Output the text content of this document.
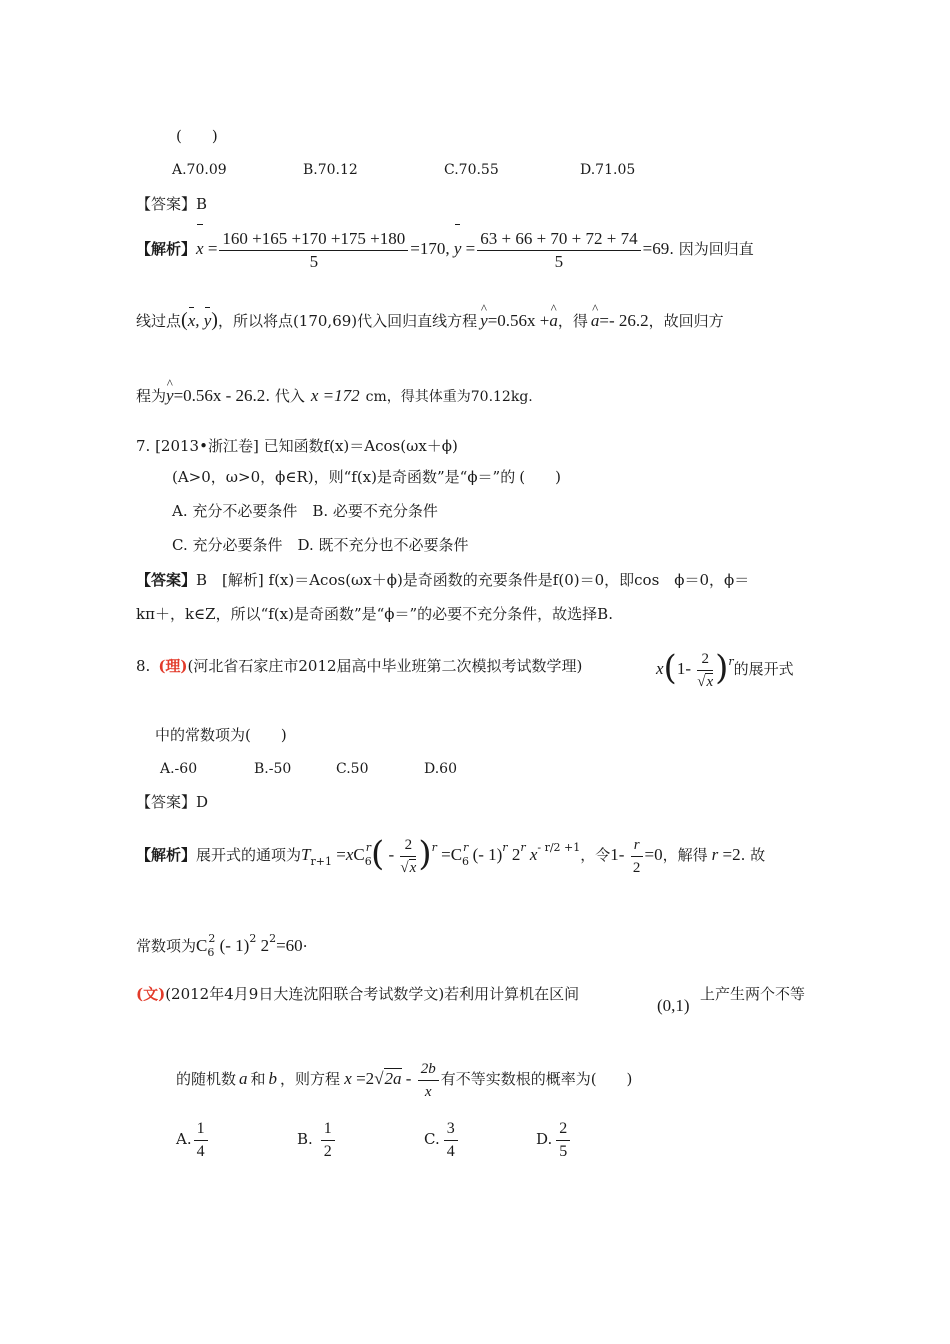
(　　)
A.70.09	B.70.12	C.70.55	D.71.05
【答案】B
【解析】$x = \frac{160 +165 +170 +175 +180}{5} =170$, $y = \frac{63 + 66 + 70 + 72 + 74}{5} =69$. 因为回归直
线过点(x, y)，所以将点(170,69)代入回归直线方程 ^ y=0.56x +^ a，得 ^ a=- 26.2，故回归方
程为^ y=0.56x - 26.2. 代入 x =172 cm，得其体重为70.12kg.
7. [2013•浙江卷] 已知函数f(x)＝Acos(ωx＋ϕ)
(A>0，ω>0，ϕ∈R)，则“f(x)是奇函数”是“ϕ＝”的 (　　)
A. 充分不必要条件　B. 必要不充分条件
C. 充分必要条件　D. 既不充分也不必要条件
【答案】B　[解析] f(x)＝Acos(ωx＋ϕ)是奇函数的充要条件是f(0)＝0，即cos　ϕ＝0，ϕ＝
kπ＋，k∈Z，所以“f(x)是奇函数”是“ϕ＝”的必要不充分条件，故选择B.
8. (理)(河北省石家庄市2012届高中毕业班第二次模拟考试数学理)	$x(1- \frac{2}{√x} )^r$的展开式
中的常数项为(　　)
A.-60	B.-50	C.50	D.60
【答案】D
【解析】展开式的通项为$T_{r+1} =xC_6^r( - \frac{2}{√x} )^r =C_6^r$ (- 1)$^r$ 2$^r$ $x^{- r/2 +1}$，令$1- \frac{r}{2} =0$，解得 r =2. 故
常数项为$C_6^2$ (- 1)$^2$ $2^2=60\cdot$
(文)(2012年4月9日大连沈阳联合考试数学文)若利用计算机在区间
(0,1)
上产生两个不等
的随机数 a 和 b ，则方程 $x =2√2a - \frac{2b}{x}$ 有不等实数根的概率为(　　)
A. $\frac{1}{4}$	B. $\frac{1}{2}$	C. $\frac{3}{4}$	D. $\frac{2}{5}$
